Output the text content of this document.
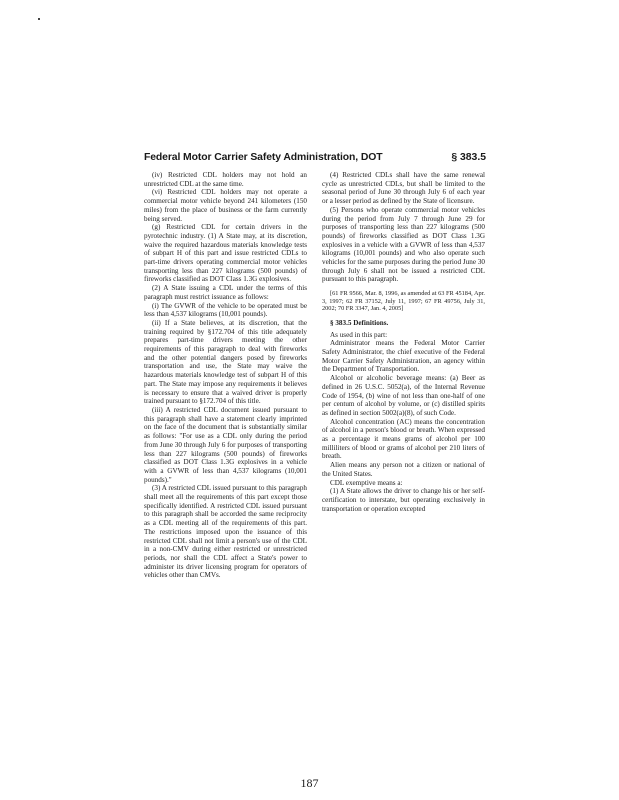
Federal Motor Carrier Safety Administration, DOT	§ 383.5

(iv) Restricted CDL holders may not hold an unrestricted CDL at the same time.

(vi) Restricted CDL holders may not operate a commercial motor vehicle beyond 241 kilometers (150 miles) from the place of business or the farm currently being served.

(g) Restricted CDL for certain drivers in the pyrotechnic industry. (1) A State may, at its discretion, waive the required hazardous materials knowledge tests of subpart H of this part and issue restricted CDLs to part-time drivers operating commercial motor vehicles transporting less than 227 kilograms (500 pounds) of fireworks classified as DOT Class 1.3G explosives.

(2) A State issuing a CDL under the terms of this paragraph must restrict issuance as follows:

(i) The GVWR of the vehicle to be operated must be less than 4,537 kilograms (10,001 pounds).

(ii) If a State believes, at its discretion, that the training required by §172.704 of this title adequately prepares part-time drivers meeting the other requirements of this paragraph to deal with fireworks and the other potential dangers posed by fireworks transportation and use, the State may waive the hazardous materials knowledge test of subpart H of this part. The State may impose any requirements it believes is necessary to ensure that a waived driver is properly trained pursuant to §172.704 of this title.

(iii) A restricted CDL document issued pursuant to this paragraph shall have a statement clearly imprinted on the face of the document that is substantially similar as follows: "For use as a CDL only during the period from June 30 through July 6 for purposes of transporting less than 227 kilograms (500 pounds) of fireworks classified as DOT Class 1.3G explosives in a vehicle with a GVWR of less than 4,537 kilograms (10,001 pounds)."

(3) A restricted CDL issued pursuant to this paragraph shall meet all the requirements of this part except those specifically identified. A restricted CDL issued pursuant to this paragraph shall be accorded the same reciprocity as a CDL meeting all of the requirements of this part. The restrictions imposed upon the issuance of this restricted CDL shall not limit a person's use of the CDL in a non-CMV during either restricted or unrestricted periods, nor shall the CDL affect a State's power to administer its driver licensing program for operators of vehicles other than CMVs.

(4) Restricted CDLs shall have the same renewal cycle as unrestricted CDLs, but shall be limited to the seasonal period of June 30 through July 6 of each year or a lesser period as defined by the State of licensure.

(5) Persons who operate commercial motor vehicles during the period from July 7 through June 29 for purposes of transporting less than 227 kilograms (500 pounds) of fireworks classified as DOT Class 1.3G explosives in a vehicle with a GVWR of less than 4,537 kilograms (10,001 pounds) and who also operate such vehicles for the same purposes during the period June 30 through July 6 shall not be issued a restricted CDL pursuant to this paragraph.

[61 FR 9566, Mar. 8, 1996, as amended at 63 FR 45184, Apr. 3, 1997; 62 FR 37152, July 11, 1997; 67 FR 49756, July 31, 2002; 70 FR 3347, Jan. 4, 2005]

§ 383.5 Definitions.

As used in this part:

Administrator means the Federal Motor Carrier Safety Administrator, the chief executive of the Federal Motor Carrier Safety Administration, an agency within the Department of Transportation.

Alcohol or alcoholic beverage means: (a) Beer as defined in 26 U.S.C. 5052(a), of the Internal Revenue Code of 1954, (b) wine of not less than one-half of one per centum of alcohol by volume, or (c) distilled spirits as defined in section 5002(a)(8), of such Code.

Alcohol concentration (AC) means the concentration of alcohol in a person's blood or breath. When expressed as a percentage it means grams of alcohol per 100 milliliters of blood or grams of alcohol per 210 liters of breath.

Alien means any person not a citizen or national of the United States.

CDL exemptive means a:

(1) A State allows the driver to change his or her self-certification to interstate, but operating exclusively in transportation or operation excepted

187
